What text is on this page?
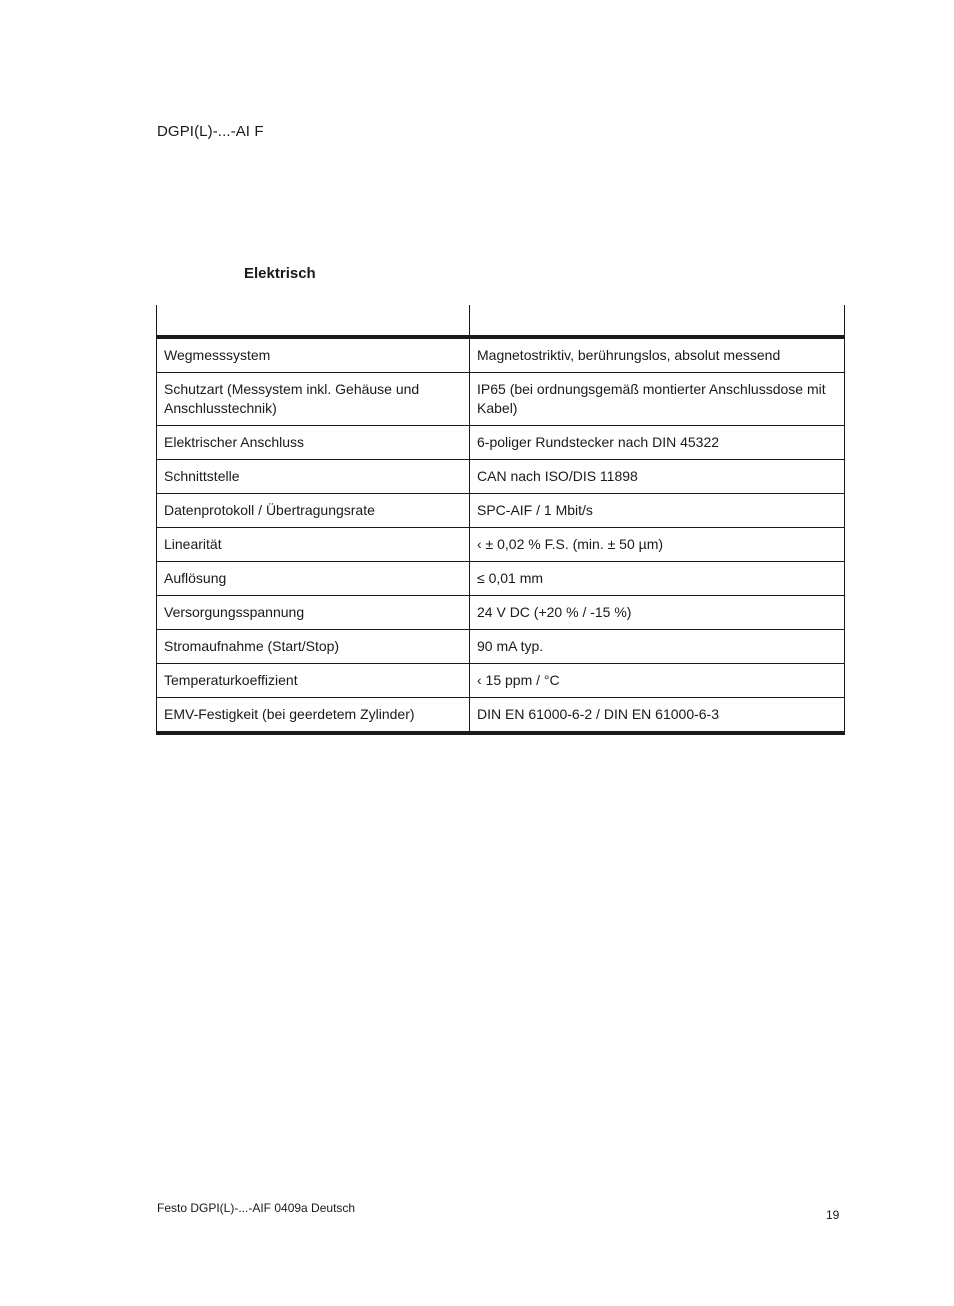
DGPI(L)-...-AI F
Elektrisch

Wegmesssystem	Magnetostriktiv, berührungslos, absolut messend
Schutzart (Messystem inkl. Gehäuse und Anschlusstechnik)	IP65 (bei ordnungsgemäß montierter Anschlussdose mit Kabel)
Elektrischer Anschluss	6-poliger Rundstecker nach DIN 45322
Schnittstelle	CAN nach ISO/DIS 11898
Datenprotokoll / Übertragungsrate	SPC-AIF / 1 Mbit/s
Linearität	‹ ± 0,02 % F.S. (min. ± 50 µm)
Auflösung	≤ 0,01 mm
Versorgungsspannung	24 V DC (+20 % / -15 %)
Stromaufnahme (Start/Stop)	90 mA typ.
Temperaturkoeffizient	‹ 15 ppm / °C
EMV-Festigkeit (bei geerdetem Zylinder)	DIN EN 61000-6-2 / DIN EN 61000-6-3
Festo DGPI(L)-...-AIF 0409a Deutsch	19
